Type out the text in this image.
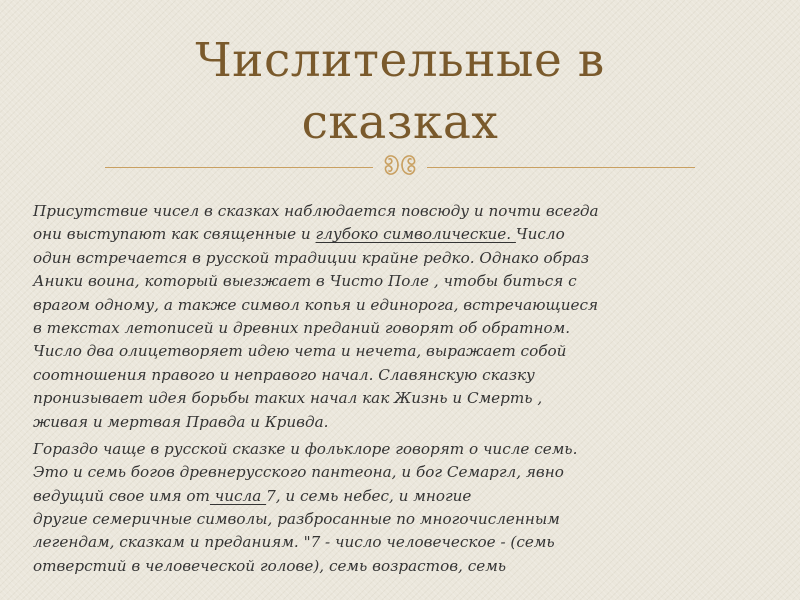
Числительные в
сказках

Присутствие чисел в сказках наблюдается повсюду и почти всегда
они выступают как священные и глубоко символические. Число
один встречается в русской традиции крайне редко. Однако образ
Аники воина, который выезжает в Чисто Поле , чтобы биться с
врагом одному, а также символ копья и единорога, встречающиеся
в текстах летописей и древних преданий говорят об обратном.
Число два олицетворяет идею чета и нечета, выражает собой
соотношения правого и неправого начал. Славянскую сказку
пронизывает идея борьбы таких начал как Жизнь и Смерть ,
живая и мертвая Правда и Кривда.

Гораздо чаще в русской сказке и фольклоре говорят о числе семь.
Это и семь богов древнерусского пантеона, и бог Семаргл, явно
ведущий свое имя от числа 7, и семь небес, и многие
другие семеричные символы, разбросанные по многочисленным
легендам, сказкам и преданиям. "7 - число человеческое - (семь
отверстий в человеческой голове), семь возрастов, семь
